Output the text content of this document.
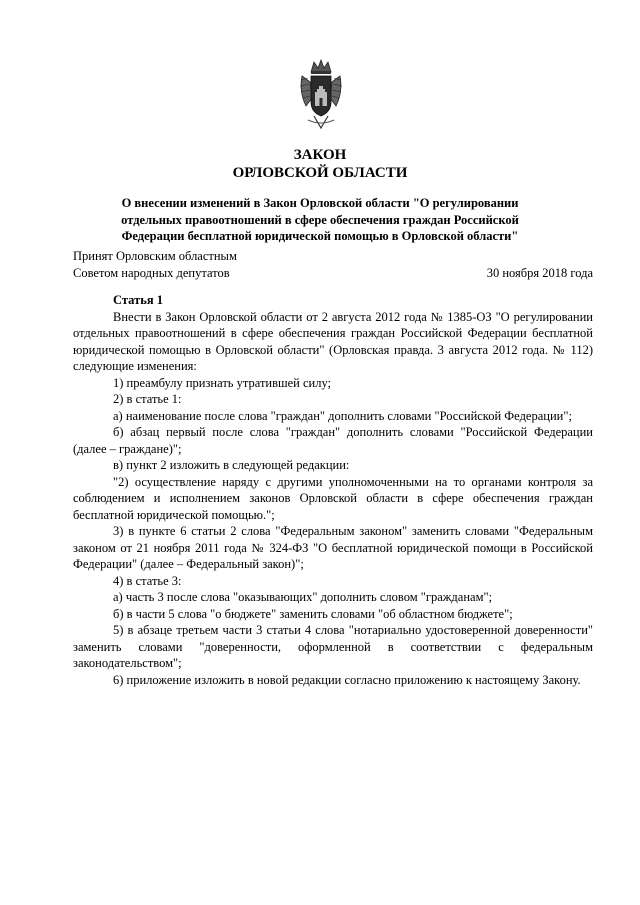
ЗАКОН
ОРЛОВСКОЙ ОБЛАСТИ
О внесении изменений в Закон Орловской области "О регулировании отдельных правоотношений в сфере обеспечения граждан Российской Федерации бесплатной юридической помощью в Орловской области"
Принят Орловским областным
Советом народных депутатов	30 ноября 2018 года

Статья 1

Внести в Закон Орловской области от 2 августа 2012 года № 1385-ОЗ "О регулировании отдельных правоотношений в сфере обеспечения граждан Российской Федерации бесплатной юридической помощью в Орловской области" (Орловская правда. 3 августа 2012 года. № 112) следующие изменения:

1) преамбулу признать утратившей силу;

2) в статье 1:

а) наименование после слова "граждан" дополнить словами "Российской Федерации";

б) абзац первый после слова "граждан" дополнить словами "Российской Федерации (далее – граждане)";

в) пункт 2 изложить в следующей редакции:

"2) осуществление наряду с другими уполномоченными на то органами контроля за соблюдением и исполнением законов Орловской области в сфере обеспечения граждан бесплатной юридической помощью.";

3) в пункте 6 статьи 2 слова "Федеральным законом" заменить словами "Федеральным законом от 21 ноября 2011 года № 324-ФЗ "О бесплатной юридической помощи в Российской Федерации" (далее – Федеральный закон)";

4) в статье 3:

а) часть 3 после слова "оказывающих" дополнить словом "гражданам";

б) в части 5 слова "о бюджете" заменить словами "об областном бюджете";

5) в абзаце третьем части 3 статьи 4 слова "нотариально удостоверенной доверенности" заменить словами "доверенности, оформленной в соответствии с федеральным законодательством";

6) приложение изложить в новой редакции согласно приложению к настоящему Закону.
